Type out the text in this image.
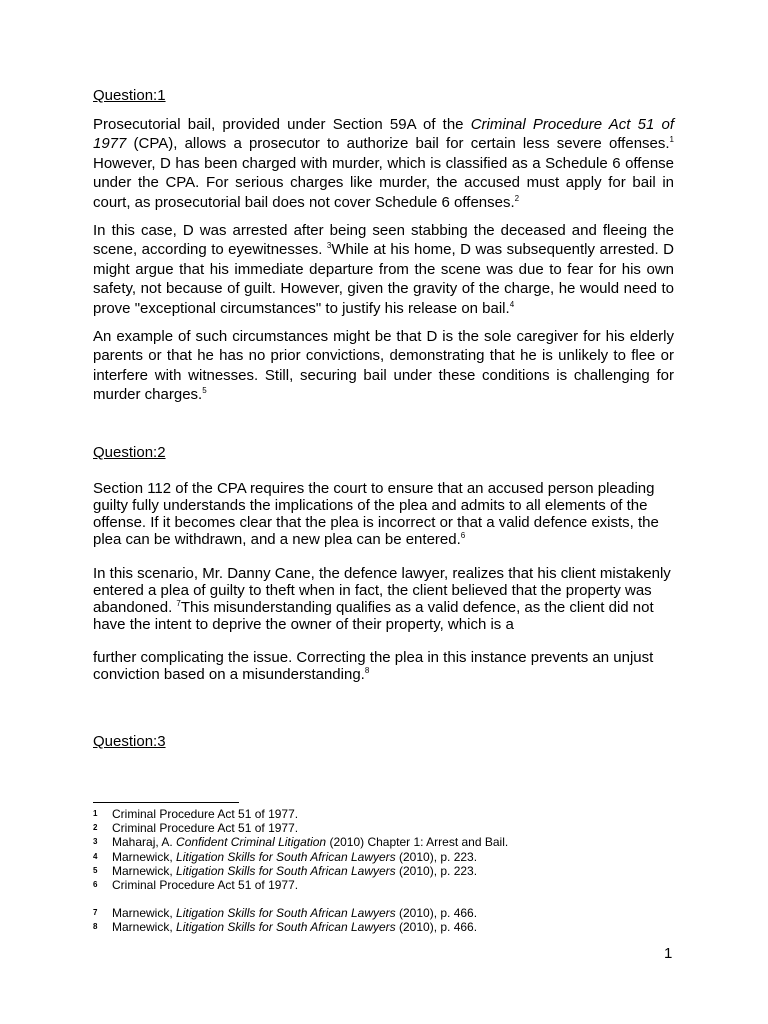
Question:1

Prosecutorial bail, provided under Section 59A of the Criminal Procedure Act 51 of 1977 (CPA), allows a prosecutor to authorize bail for certain less severe offenses.$^1$ However, D has been charged with murder, which is classified as a Schedule 6 offense under the CPA. For serious charges like murder, the accused must apply for bail in court, as prosecutorial bail does not cover Schedule 6 offenses.$^2$

In this case, D was arrested after being seen stabbing the deceased and fleeing the scene, according to eyewitnesses. $^3$While at his home, D was subsequently arrested. D might argue that his immediate departure from the scene was due to fear for his own safety, not because of guilt. However, given the gravity of the charge, he would need to prove "exceptional circumstances" to justify his release on bail.$^4$

An example of such circumstances might be that D is the sole caregiver for his elderly parents or that he has no prior convictions, demonstrating that he is unlikely to flee or interfere with witnesses. Still, securing bail under these conditions is challenging for murder charges.$^5$

Question:2

Section 112 of the CPA requires the court to ensure that an accused person pleading guilty fully understands the implications of the plea and admits to all elements of the offense. If it becomes clear that the plea is incorrect or that a valid defence exists, the plea can be withdrawn, and a new plea can be entered.$^6$

In this scenario, Mr. Danny Cane, the defence lawyer, realizes that his client mistakenly entered a plea of guilty to theft when in fact, the client believed that the property was abandoned. $^7$This misunderstanding qualifies as a valid defence, as the client did not have the intent to deprive the owner of their property, which is a

further complicating the issue. Correcting the plea in this instance prevents an unjust conviction based on a misunderstanding.$^8$

Question:3
1	Criminal Procedure Act 51 of 1977.
2	Criminal Procedure Act 51 of 1977.
3	Maharaj, A. Confident Criminal Litigation (2010) Chapter 1: Arrest and Bail.
4	Marnewick, Litigation Skills for South African Lawyers (2010), p. 223.
5	Marnewick, Litigation Skills for South African Lawyers (2010), p. 223.
6	Criminal Procedure Act 51 of 1977.
7	Marnewick, Litigation Skills for South African Lawyers (2010), p. 466.
8	Marnewick, Litigation Skills for South African Lawyers (2010), p. 466.
1
